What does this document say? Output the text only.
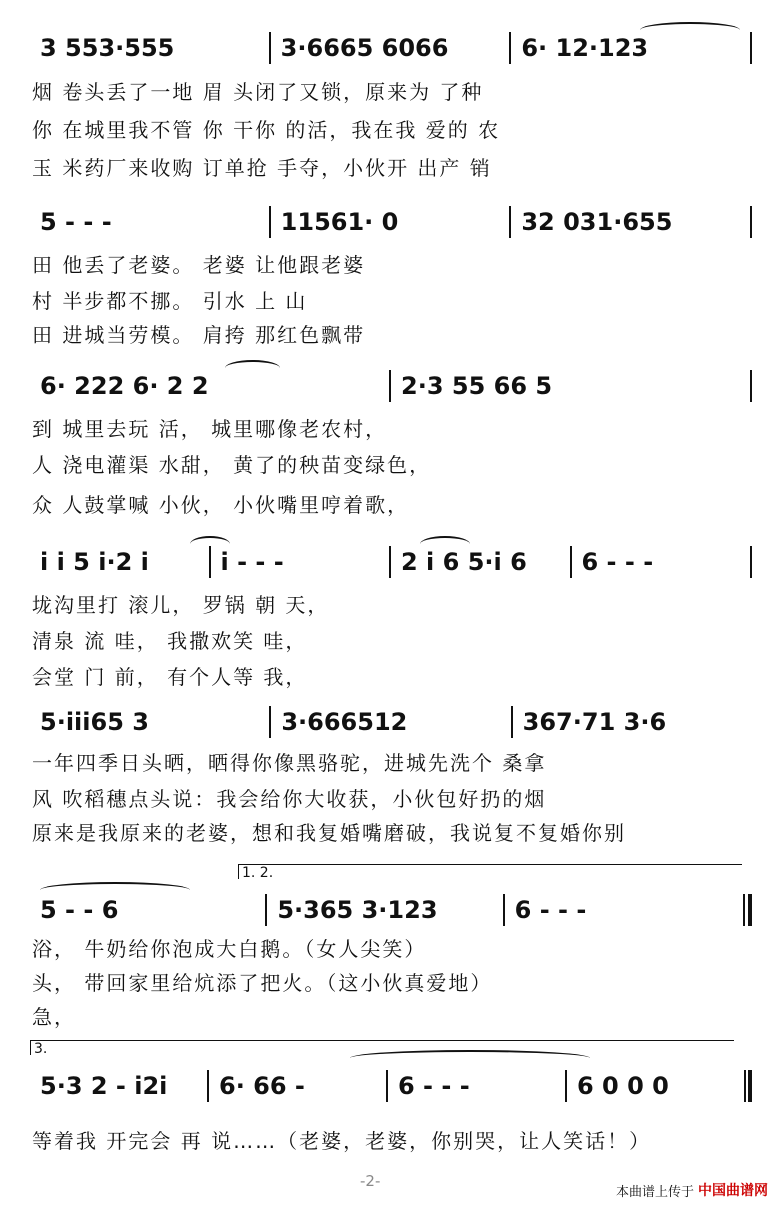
3 553·555	3·6665 6066	6· 12·123
烟 卷头丢了一地 眉 头闭了又锁，原来为 了种
你 在城里我不管 你 干你 的活，我在我 爱的 农
玉 米药厂来收购 订单抢 手夺，小伙开 出产 销
5 - - -	11561· 0	32 031·655
田 他丢了老婆。 老婆 让他跟老婆
村 半步都不挪。 引水 上 山
田 进城当劳模。 肩挎 那红色飘带
6· 222 6· 2 2	2·3 55 66 5
到 城里去玩 活， 城里哪像老农村，
人 浇电灌渠 水甜， 黄了的秧苗变绿色，
众 人鼓掌喊 小伙， 小伙嘴里哼着歌，
i i 5 i·2 i	i - - -	2 i 6 5·i 6	6 - - -
垅沟里打 滚儿， 罗锅 朝 天，
清泉 流 哇， 我撒欢笑 哇，
会堂 门 前， 有个人等 我，
5·iii65 3	3·666512	367·71 3·6
一年四季日头晒，晒得你像黑骆驼，进城先洗个 桑拿
风 吹稻穗点头说：我会给你大收获，小伙包好扔的烟
原来是我原来的老婆，想和我复婚嘴磨破，我说复不复婚你别
1. 2.
5 - - 6	5·365 3·123	6 - - -
浴， 牛奶给你泡成大白鹅。（女人尖笑）
头， 带回家里给炕添了把火。（这小伙真爱地）
急，
3.
5·3 2 - i2i	6· 66 -	6 - - -	6 0 0 0
等着我 开完会 再 说……（老婆，老婆，你别哭，让人笑话！）
-2-
本曲谱上传于 中国曲谱网
